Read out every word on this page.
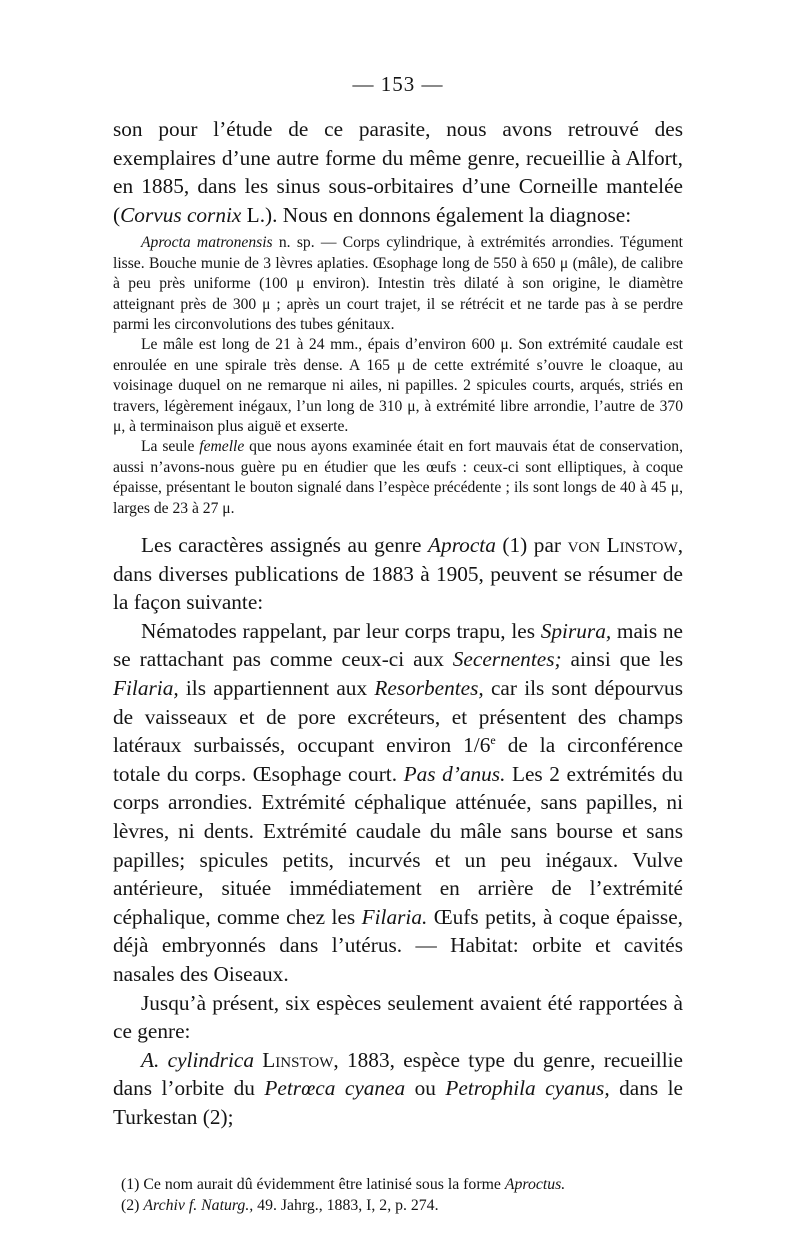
— 153 —

son pour l’étude de ce parasite, nous avons retrouvé des exemplaires d’une autre forme du même genre, recueillie à Alfort, en 1885, dans les sinus sous-orbitaires d’une Corneille mantelée (Corvus cornix L.). Nous en donnons également la diagnose:

Aprocta matronensis n. sp. — Corps cylindrique, à extrémités arrondies. Tégument lisse. Bouche munie de 3 lèvres aplaties. Œsophage long de 550 à 650 μ (mâle), de calibre à peu près uniforme (100 μ environ). Intestin très dilaté à son origine, le diamètre atteignant près de 300 μ ; après un court trajet, il se rétrécit et ne tarde pas à se perdre parmi les circonvolutions des tubes génitaux.

Le mâle est long de 21 à 24 mm., épais d’environ 600 μ. Son extrémité caudale est enroulée en une spirale très dense. A 165 μ de cette extrémité s’ouvre le cloaque, au voisinage duquel on ne remarque ni ailes, ni papilles. 2 spicules courts, arqués, striés en travers, légèrement inégaux, l’un long de 310 μ, à extrémité libre arrondie, l’autre de 370 μ, à terminaison plus aiguë et exserte.

La seule femelle que nous ayons examinée était en fort mauvais état de conservation, aussi n’avons-nous guère pu en étudier que les œufs : ceux-ci sont elliptiques, à coque épaisse, présentant le bouton signalé dans l’espèce précédente ; ils sont longs de 40 à 45 μ, larges de 23 à 27 μ.

Les caractères assignés au genre Aprocta (1) par von Linstow, dans diverses publications de 1883 à 1905, peuvent se résumer de la façon suivante:

Nématodes rappelant, par leur corps trapu, les Spirura, mais ne se rattachant pas comme ceux-ci aux Secernentes; ainsi que les Filaria, ils appartiennent aux Resorbentes, car ils sont dépourvus de vaisseaux et de pore excréteurs, et présentent des champs latéraux surbaissés, occupant environ 1/6e de la circonférence totale du corps. Œsophage court. Pas d’anus. Les 2 extrémités du corps arrondies. Extrémité céphalique atténuée, sans papilles, ni lèvres, ni dents. Extrémité caudale du mâle sans bourse et sans papilles; spicules petits, incurvés et un peu inégaux. Vulve antérieure, située immédiatement en arrière de l’extrémité céphalique, comme chez les Filaria. Œufs petits, à coque épaisse, déjà embryonnés dans l’utérus. — Habitat: orbite et cavités nasales des Oiseaux.

Jusqu’à présent, six espèces seulement avaient été rapportées à ce genre:

A. cylindrica Linstow, 1883, espèce type du genre, recueillie dans l’orbite du Petrœca cyanea ou Petrophila cyanus, dans le Turkestan (2);

(1) Ce nom aurait dû évidemment être latinisé sous la forme Aproctus.

(2) Archiv f. Naturg., 49. Jahrg., 1883, I, 2, p. 274.
